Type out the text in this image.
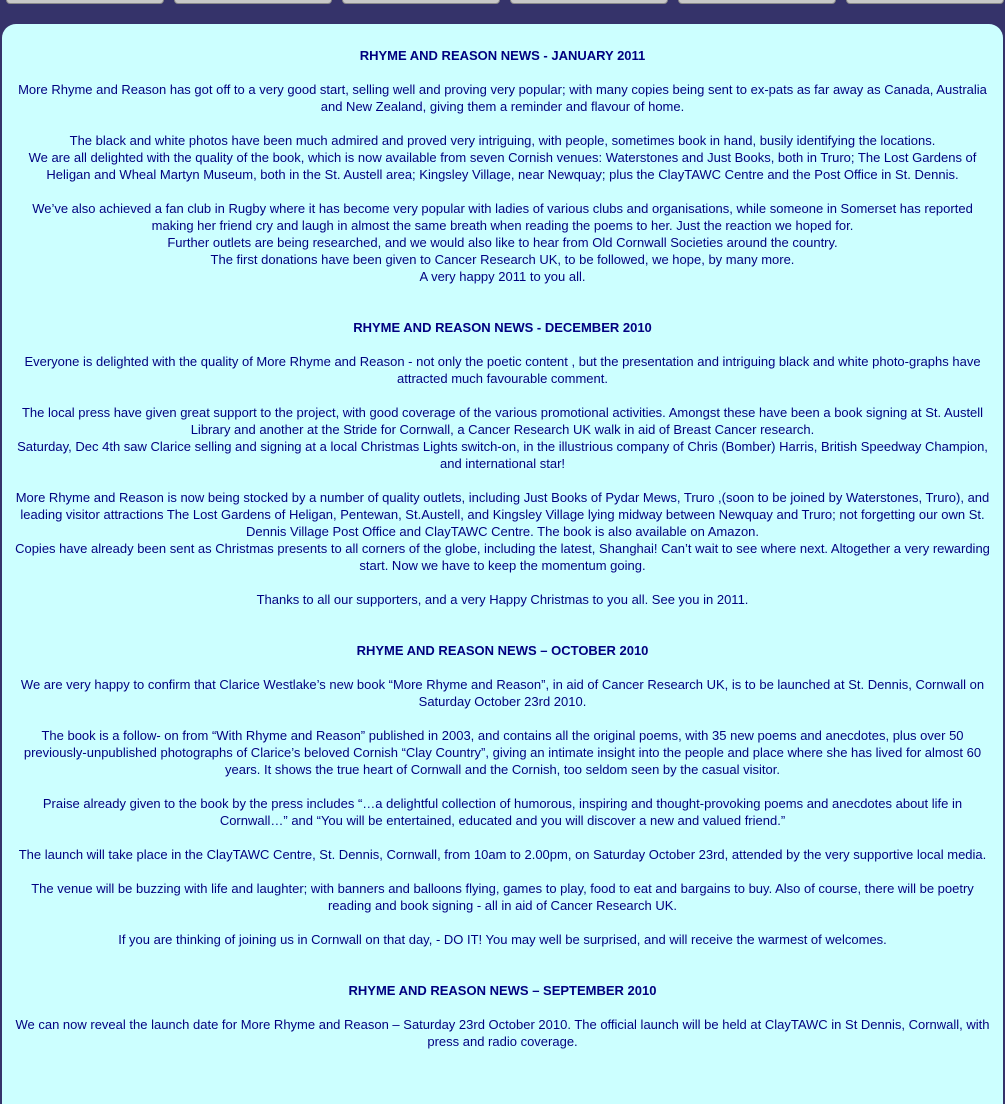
RHYME AND REASON NEWS - JANUARY 2011

More Rhyme and Reason has got off to a very good start, selling well and proving very popular; with many copies being sent to ex-pats as far away as Canada, Australia and New Zealand, giving them a reminder and flavour of home.

The black and white photos have been much admired and proved very intriguing, with people, sometimes book in hand, busily identifying the locations.

We are all delighted with the quality of the book, which is now available from seven Cornish venues: Waterstones and Just Books, both in Truro; The Lost Gardens of Heligan and Wheal Martyn Museum, both in the St. Austell area; Kingsley Village, near Newquay; plus the ClayTAWC Centre and the Post Office in St. Dennis.

We’ve also achieved a fan club in Rugby where it has become very popular with ladies of various clubs and organisations, while someone in Somerset has reported making her friend cry and laugh in almost the same breath when reading the poems to her. Just the reaction we hoped for.

Further outlets are being researched, and we would also like to hear from Old Cornwall Societies around the country.

The first donations have been given to Cancer Research UK, to be followed, we hope, by many more.

A very happy 2011 to you all.

RHYME AND REASON NEWS - DECEMBER 2010

Everyone is delighted with the quality of More Rhyme and Reason - not only the poetic content , but the presentation and intriguing black and white photo-graphs have attracted much favourable comment.

The local press have given great support to the project, with good coverage of the various promotional activities. Amongst these have been a book signing at St. Austell Library and another at the Stride for Cornwall, a Cancer Research UK walk in aid of Breast Cancer research.

Saturday, Dec 4th saw Clarice selling and signing at a local Christmas Lights switch-on, in the illustrious company of Chris (Bomber) Harris, British Speedway Champion, and international star!

More Rhyme and Reason is now being stocked by a number of quality outlets, including Just Books of Pydar Mews, Truro ,(soon to be joined by Waterstones, Truro), and leading visitor attractions The Lost Gardens of Heligan, Pentewan, St.Austell, and Kingsley Village lying midway between Newquay and Truro; not forgetting our own St. Dennis Village Post Office and ClayTAWC Centre. The book is also available on Amazon.

Copies have already been sent as Christmas presents to all corners of the globe, including the latest, Shanghai! Can’t wait to see where next. Altogether a very rewarding start. Now we have to keep the momentum going.

Thanks to all our supporters, and a very Happy Christmas to you all. See you in 2011.

RHYME AND REASON NEWS – OCTOBER 2010

We are very happy to confirm that Clarice Westlake’s new book “More Rhyme and Reason”, in aid of Cancer Research UK, is to be launched at St. Dennis, Cornwall on Saturday October 23rd 2010.

The book is a follow- on from “With Rhyme and Reason” published in 2003, and contains all the original poems, with 35 new poems and anecdotes, plus over 50 previously-unpublished photographs of Clarice’s beloved Cornish “Clay Country”, giving an intimate insight into the people and place where she has lived for almost 60 years. It shows the true heart of Cornwall and the Cornish, too seldom seen by the casual visitor.

Praise already given to the book by the press includes “…a delightful collection of humorous, inspiring and thought-provoking poems and anecdotes about life in Cornwall…” and “You will be entertained, educated and you will discover a new and valued friend.”

The launch will take place in the ClayTAWC Centre, St. Dennis, Cornwall, from 10am to 2.00pm, on Saturday October 23rd, attended by the very supportive local media.

The venue will be buzzing with life and laughter; with banners and balloons flying, games to play, food to eat and bargains to buy. Also of course, there will be poetry reading and book signing - all in aid of Cancer Research UK.

If you are thinking of joining us in Cornwall on that day, - DO IT! You may well be surprised, and will receive the warmest of welcomes.

RHYME AND REASON NEWS – SEPTEMBER 2010

We can now reveal the launch date for More Rhyme and Reason – Saturday 23rd October 2010. The official launch will be held at ClayTAWC in St Dennis, Cornwall, with press and radio coverage.
